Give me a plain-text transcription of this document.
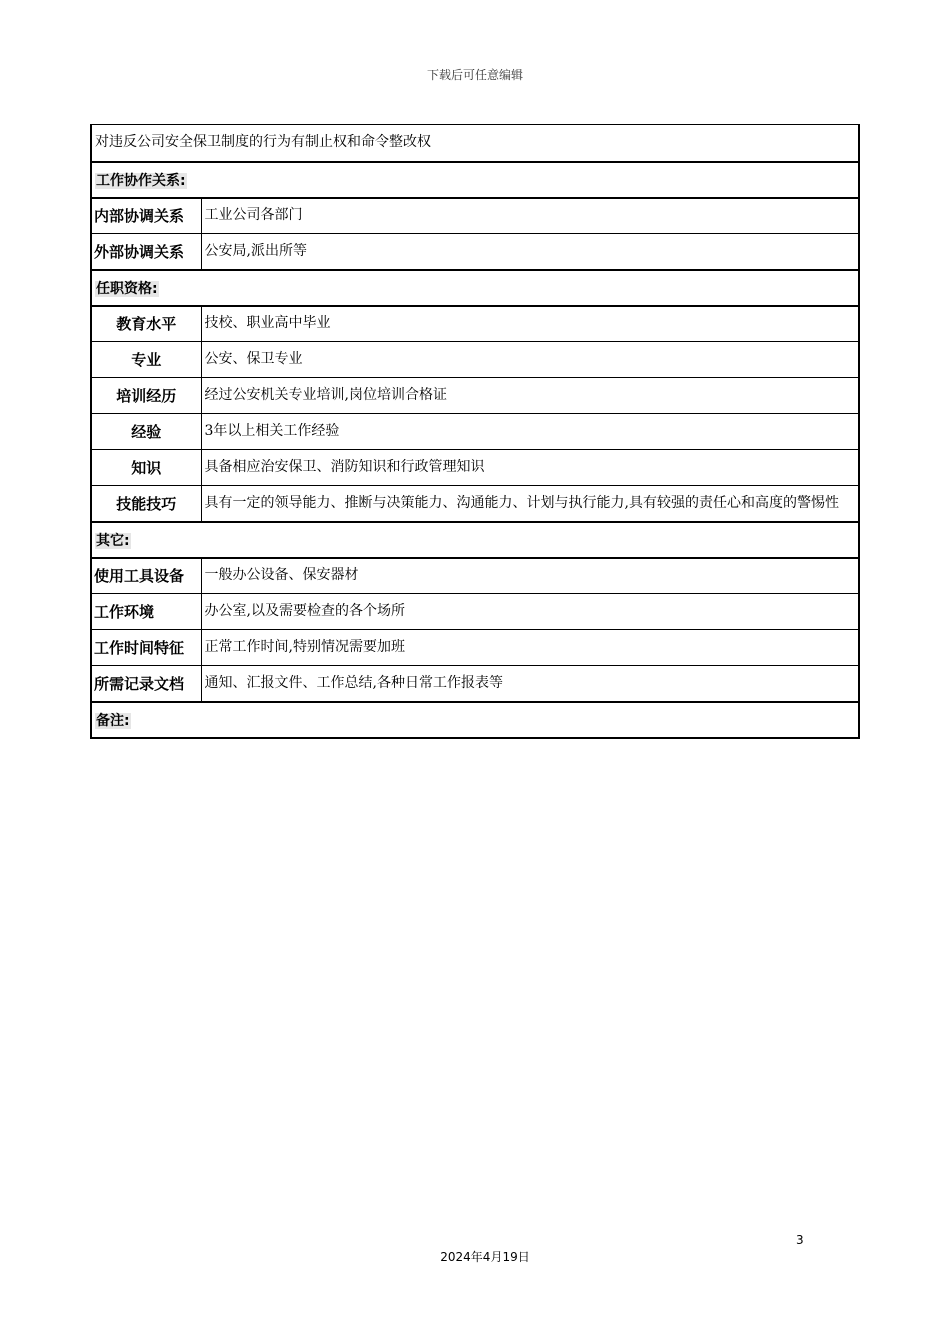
下载后可任意编辑
对违反公司安全保卫制度的行为有制止权和命令整改权	
工作协作关系:	
内部协调关系	工业公司各部门
外部协调关系	公安局,派出所等
任职资格:	
教育水平	技校、职业高中毕业
专业	公安、保卫专业
培训经历	经过公安机关专业培训,岗位培训合格证
经验	3年以上相关工作经验
知识	具备相应治安保卫、消防知识和行政管理知识
技能技巧	具有一定的领导能力、推断与决策能力、沟通能力、计划与执行能力,具有较强的责任心和高度的警惕性
其它:	
使用工具设备	一般办公设备、保安器材
工作环境	办公室,以及需要检查的各个场所
工作时间特征	正常工作时间,特别情况需要加班
所需记录文档	通知、汇报文件、工作总结,各种日常工作报表等
备注:	
3
2024年4月19日
